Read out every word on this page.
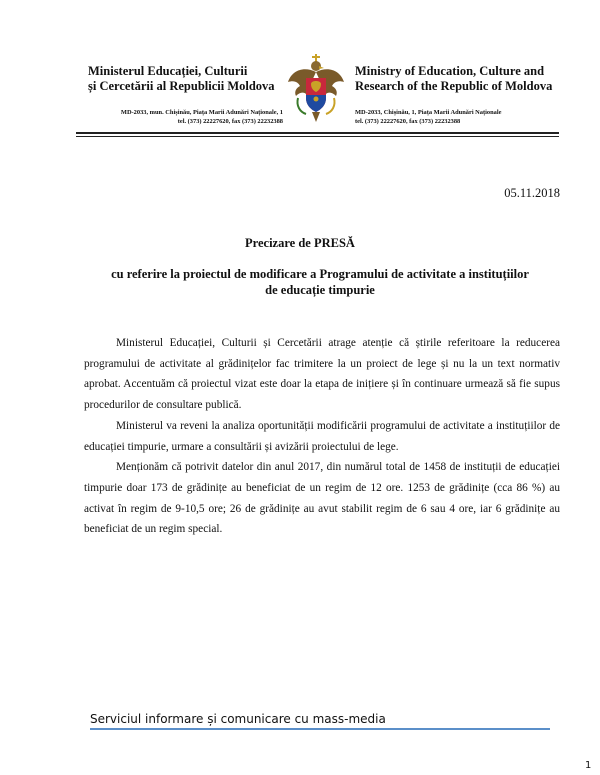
Ministerul Educației, Culturii
și Cercetării al Republicii Moldova
MD-2033, mun. Chișinău, Piața Marii Adunări Naționale, 1
tel. (373) 22227620, fax (373) 22232388
Ministry of Education, Culture and
Research of the Republic of Moldova
MD-2033, Chișinău, 1, Piața Marii Adunări Naționale
tel. (373) 22227620, fax (373) 22232388
05.11.2018
Precizare de PRESĂ
cu referire la proiectul de modificare a Programului de activitate a instituțiilor de educație timpurie

Ministerul Educației, Culturii și Cercetării atrage atenție că știrile referitoare la reducerea programului de activitate al grădinițelor fac trimitere la un proiect de lege și nu la un text normativ aprobat. Accentuăm că proiectul vizat este doar la etapa de inițiere și în continuare urmează să fie supus procedurilor de consultare publică.

Ministerul va reveni la analiza oportunității modificării programului de activitate a instituțiilor de educației timpurie, urmare a consultării și avizării proiectului de lege.

Menționăm că potrivit datelor din anul 2017, din numărul total de 1458 de instituții de educației timpurie doar 173 de grădinițe au beneficiat de un regim de 12 ore. 1253 de grădinițe (cca 86 %) au activat în regim de 9-10,5 ore; 26 de grădinițe au avut stabilit regim de 6 sau 4 ore, iar 6 grădinițe au beneficiat de un regim special.

Serviciul informare și comunicare cu mass-media
1
